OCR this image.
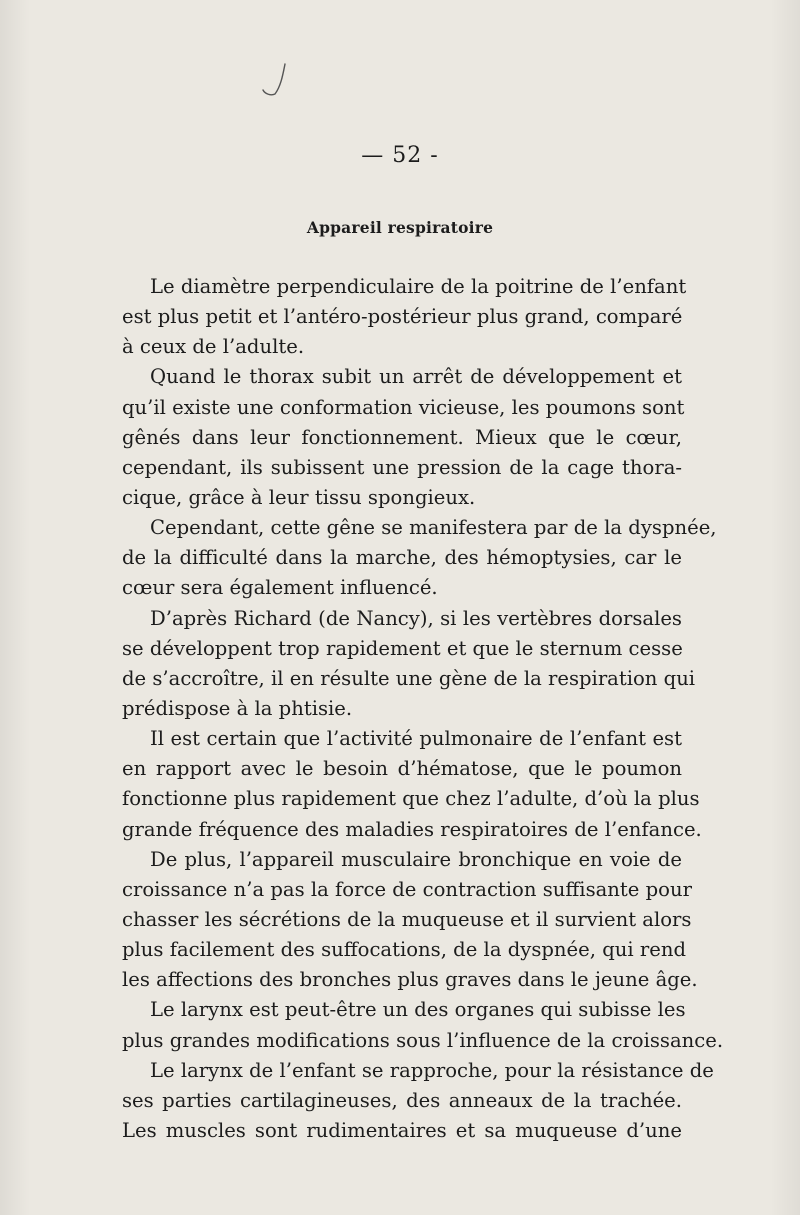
— 52 -
Appareil respiratoire
Le diamètre perpendiculaire de la poitrine de l’enfant
est plus petit et l’antéro-postérieur plus grand, comparé
à ceux de l’adulte.
Quand le thorax subit un arrêt de développement et
qu’il existe une conformation vicieuse, les poumons sont
gênés dans leur fonctionnement. Mieux que le cœur,
cependant, ils subissent une pression de la cage thora-
cique, grâce à leur tissu spongieux.
Cependant, cette gêne se manifestera par de la dyspnée,
de la difficulté dans la marche, des hémoptysies, car le
cœur sera également influencé.
D’après Richard (de Nancy), si les vertèbres dorsales
se développent trop rapidement et que le sternum cesse
de s’accroître, il en résulte une gène de la respiration qui
prédispose à la phtisie.
Il est certain que l’activité pulmonaire de l’enfant est
en rapport avec le besoin d’hématose, que le poumon
fonctionne plus rapidement que chez l’adulte, d’où la plus
grande fréquence des maladies respiratoires de l’enfance.
De plus, l’appareil musculaire bronchique en voie de
croissance n’a pas la force de contraction suffisante pour
chasser les sécrétions de la muqueuse et il survient alors
plus facilement des suffocations, de la dyspnée, qui rend
les affections des bronches plus graves dans le jeune âge.
Le larynx est peut-être un des organes qui subisse les
plus grandes modifications sous l’influence de la croissance.
Le larynx de l’enfant se rapproche, pour la résistance de
ses parties cartilagineuses, des anneaux de la trachée.
Les muscles sont rudimentaires et sa muqueuse d’une
